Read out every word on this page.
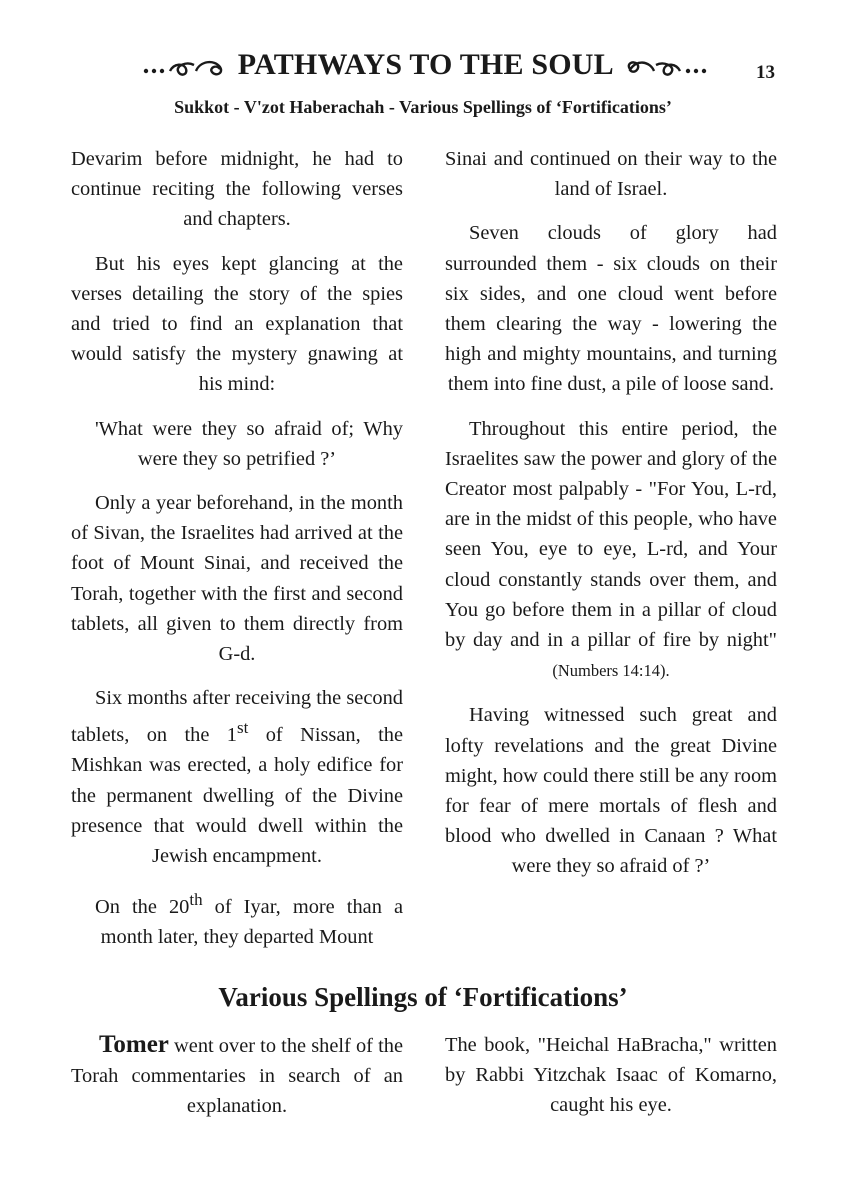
PATHWAYS TO THE SOUL	13
Sukkot - V'zot Haberachah - Various Spellings of ‘Fortifications’

Devarim before midnight, he had to continue reciting the following verses and chapters.

But his eyes kept glancing at the verses detailing the story of the spies and tried to find an explanation that would satisfy the mystery gnawing at his mind:

'What were they so afraid of; Why were they so petrified ?’

Only a year beforehand, in the month of Sivan, the Israelites had arrived at the foot of Mount Sinai, and received the Torah, together with the first and second tablets, all given to them directly from G-d.

Six months after receiving the second tablets, on the 1st of Nissan, the Mishkan was erected, a holy edifice for the permanent dwelling of the Divine presence that would dwell within the Jewish encampment.

On the 20th of Iyar, more than a month later, they departed Mount

Sinai and continued on their way to the land of Israel.

Seven clouds of glory had surrounded them - six clouds on their six sides, and one cloud went before them clearing the way - lowering the high and mighty mountains, and turning them into fine dust, a pile of loose sand.

Throughout this entire period, the Israelites saw the power and glory of the Creator most palpably - "For You, L-rd, are in the midst of this people, who have seen You, eye to eye, L-rd, and Your cloud constantly stands over them, and You go before them in a pillar of cloud by day and in a pillar of fire by night" (Numbers 14:14).

Having witnessed such great and lofty revelations and the great Divine might, how could there still be any room for fear of mere mortals of flesh and blood who dwelled in Canaan ? What were they so afraid of ?’

Various Spellings of ‘Fortifications’

Tomer went over to the shelf of the Torah commentaries in search of an explanation.

The book, "Heichal HaBracha," written by Rabbi Yitzchak Isaac of Komarno, caught his eye.
